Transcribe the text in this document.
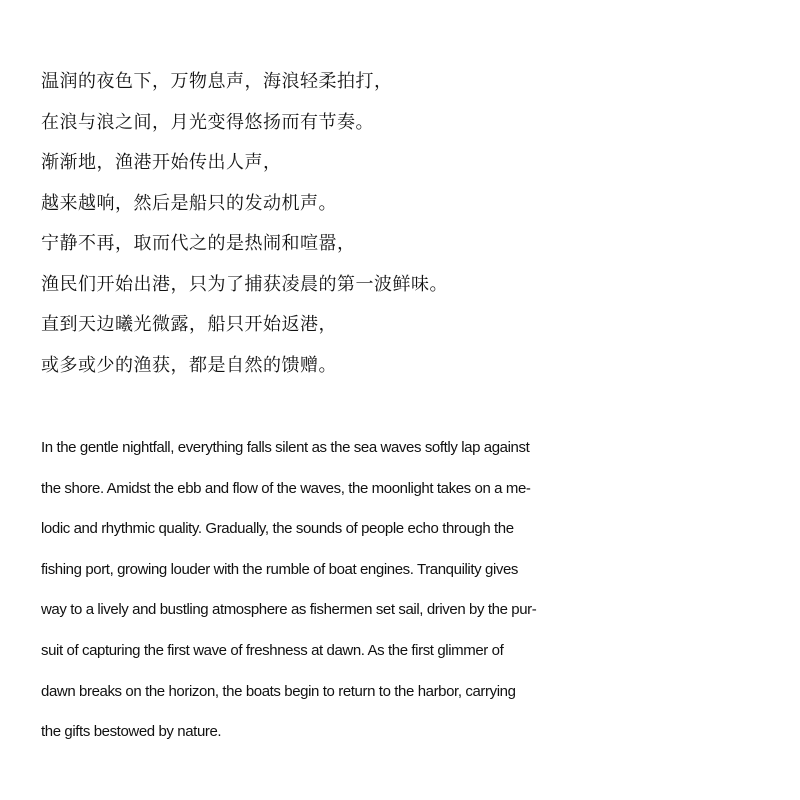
温润的夜色下，万物息声，海浪轻柔拍打，
在浪与浪之间，月光变得悠扬而有节奏。
渐渐地，渔港开始传出人声，
越来越响，然后是船只的发动机声。
宁静不再，取而代之的是热闹和喧嚣，
渔民们开始出港，只为了捕获凌晨的第一波鲜味。
直到天边曦光微露，船只开始返港，
或多或少的渔获，都是自然的馈赠。
In the gentle nightfall, everything falls silent as the sea waves softly lap against
the shore. Amidst the ebb and flow of the waves, the moonlight takes on a me-
lodic and rhythmic quality. Gradually, the sounds of people echo through the
fishing port, growing louder with the rumble of boat engines. Tranquility gives
way to a lively and bustling atmosphere as fishermen set sail, driven by the pur-
suit of capturing the first wave of freshness at dawn. As the first glimmer of
dawn breaks on the horizon, the boats begin to return to the harbor, carrying
the gifts bestowed by nature.
